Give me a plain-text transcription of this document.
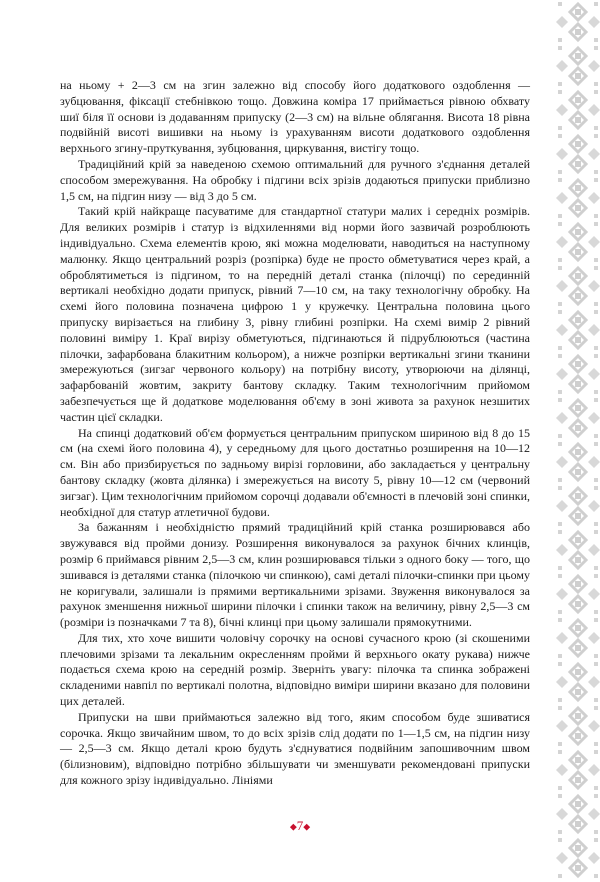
на ньому + 2—3 см на згин залежно від способу його додаткового оздоблення — зубцювання, фіксації стебнівкою тощо. Довжина коміра 17 приймається рівною обхвату шиї біля її основи із додаванням припуску (2—3 см) на вільне облягання. Висота 18 рівна подвійній висоті вишивки на ньому із урахуванням висоти додаткового оздоблення верхнього згину-пруткування, зубцювання, циркування, вистігу тощо.

Традиційний крій за наведеною схемою оптимальний для ручного з'єднання деталей способом змережування. На обробку і підгини всіх зрізів додаються припуски приблизно 1,5 см, на підгин низу — від 3 до 5 см.

Такий крій найкраще пасуватиме для стандартної статури малих і середніх розмірів. Для великих розмірів і статур із відхиленнями від норми його зазвичай розроблюють індивідуально. Схема елементів крою, які можна моделювати, наводиться на наступному малюнку. Якщо центральний розріз (розпірка) буде не просто обметуватися через край, а оброблятиметься із підгином, то на передній деталі станка (пілочці) по серединній вертикалі необхідно додати припуск, рівний 7—10 см, на таку технологічну обробку. На схемі його половина позначена цифрою 1 у кружечку. Центральна половина цього припуску вирізається на глибину 3, рівну глибині розпірки. На схемі вимір 2 рівний половині виміру 1. Краї вирізу обметуються, підгинаються й підрублюються (частина пілочки, зафарбована блакитним кольором), а нижче розпірки вертикальні згини тканини змережуються (зигзаг червоного кольору) на потрібну висоту, утворюючи на ділянці, зафарбованій жовтим, закриту бантову складку. Таким технологічним прийомом забезпечується ще й додаткове моделювання об'єму в зоні живота за рахунок незшитих частин цієї складки.

На спинці додатковий об'єм формується центральним припуском шириною від 8 до 15 см (на схемі його половина 4), у середньому для цього достатньо розширення на 10—12 см. Він або призбирується по задньому вирізі горловини, або закладається у центральну бантову складку (жовта ділянка) і змережується на висоту 5, рівну 10—12 см (червоний зигзаг). Цим технологічним прийомом сорочці додавали об'ємності в плечовій зоні спинки, необхідної для статур атлетичної будови.

За бажанням і необхідністю прямий традиційний крій станка розширювався або звужувався від пройми донизу. Розширення виконувалося за рахунок бічних клинців, розмір 6 приймався рівним 2,5—3 см, клин розширювався тільки з одного боку — того, що зшивався із деталями станка (пілочкою чи спинкою), самі деталі пілочки-спинки при цьому не коригували, залишали із прямими вертикальними зрізами. Звуження виконувалося за рахунок зменшення нижньої ширини пілочки і спинки також на величину, рівну 2,5—3 см (розміри із позначками 7 та 8), бічні клинці при цьому залишали прямокутними.

Для тих, хто хоче вишити чоловічу сорочку на основі сучасного крою (зі скошеними плечовими зрізами та лекальним окресленням пройми й верхнього окату рукава) нижче подається схема крою на середній розмір. Зверніть увагу: пілочка та спинка зображені складеними навпіл по вертикалі полотна, відповідно виміри ширини вказано для половини цих деталей.

Припуски на шви приймаються залежно від того, яким способом буде зшиватися сорочка. Якщо звичайним швом, то до всіх зрізів слід додати по 1—1,5 см, на підгин низу — 2,5—3 см. Якщо деталі крою будуть з'єднуватися подвійним запошивочним швом (білизновим), відповідно потрібно збільшувати чи зменшувати рекомендовані припуски для кожного зрізу індивідуально. Лініями

◆7◆
